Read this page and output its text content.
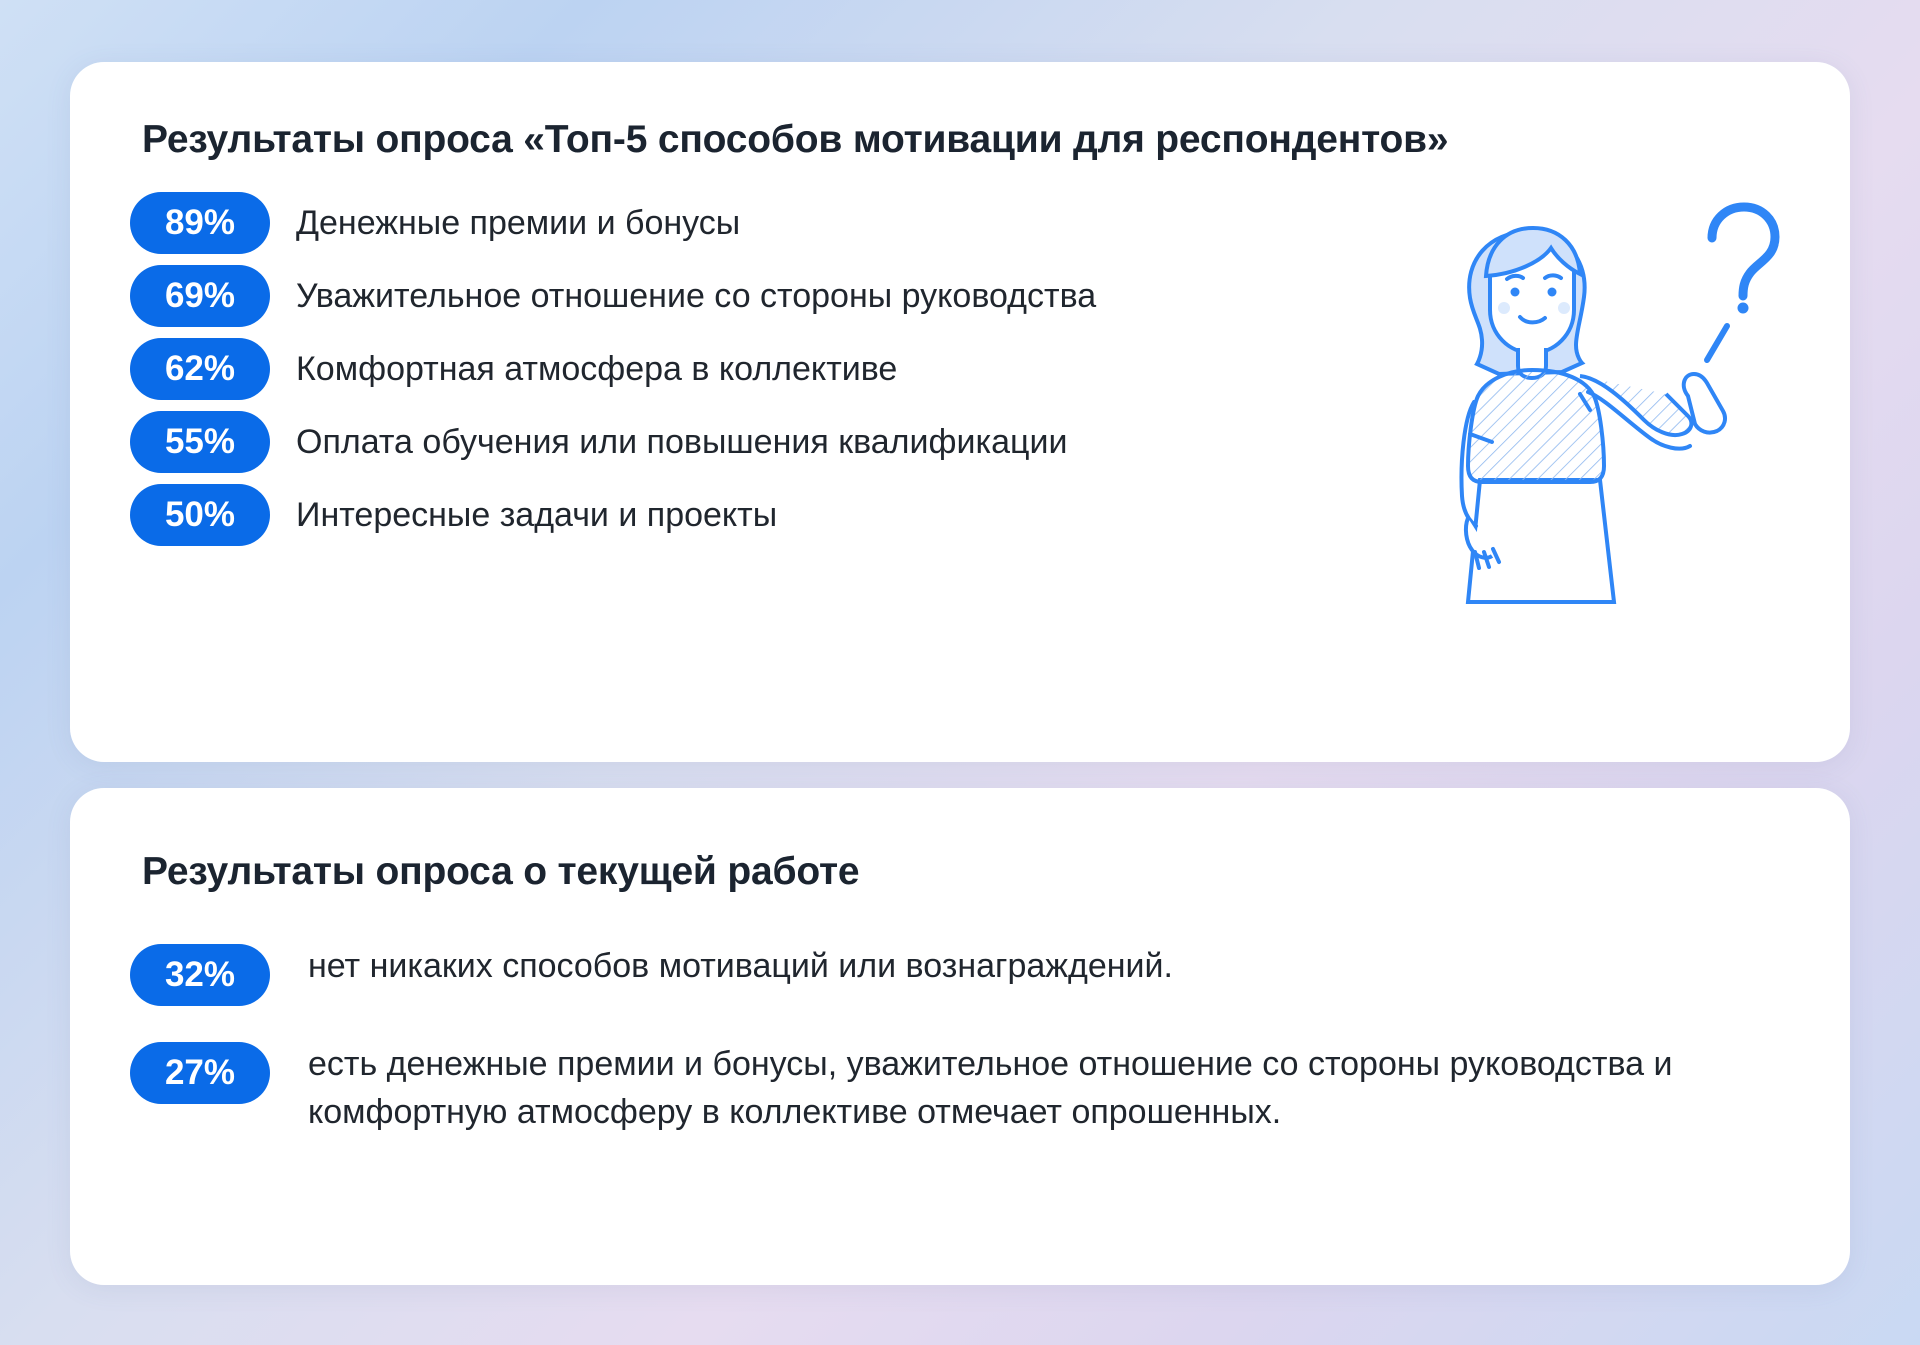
Результаты опроса «Топ-5 способов мотивации для респондентов»
89%	Денежные премии и бонусы
69%	Уважительное отношение со стороны руководства
62%	Комфортная атмосфера в коллективе
55%	Оплата обучения или повышения квалификации
50%	Интересные задачи и проекты
Результаты опроса о текущей работе
32%	нет никаких способов мотиваций или вознаграждений.
27%	есть денежные премии и бонусы, уважительное отношение со стороны руководства и комфортную атмосферу в коллективе отмечает опрошенных.
